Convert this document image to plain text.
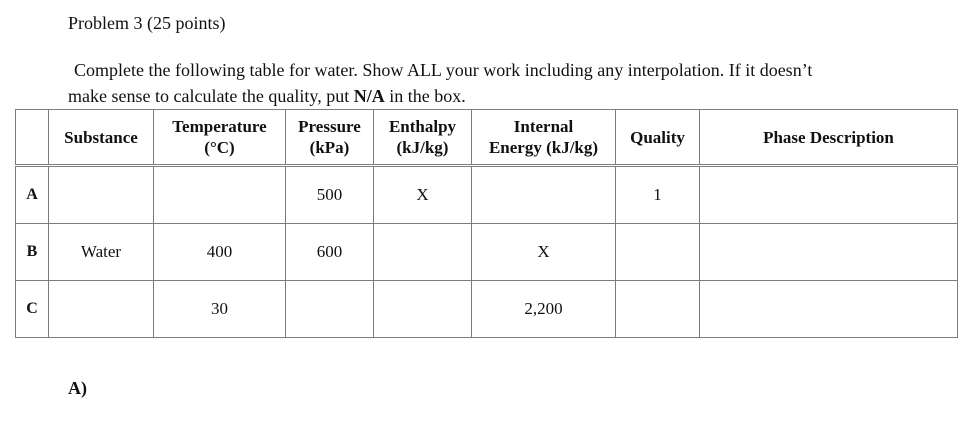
Problem 3 (25 points)
Complete the following table for water. Show ALL your work including any interpolation. If it doesn’t
make sense to calculate the quality, put N/A in the box.

	Substance	Temperature
(°C)	Pressure
(kPa)	Enthalpy
(kJ/kg)	Internal
Energy (kJ/kg)	Quality	Phase Description

A			500	X		1	
B	Water	400	600		X		
C		30			2,200		
A)
